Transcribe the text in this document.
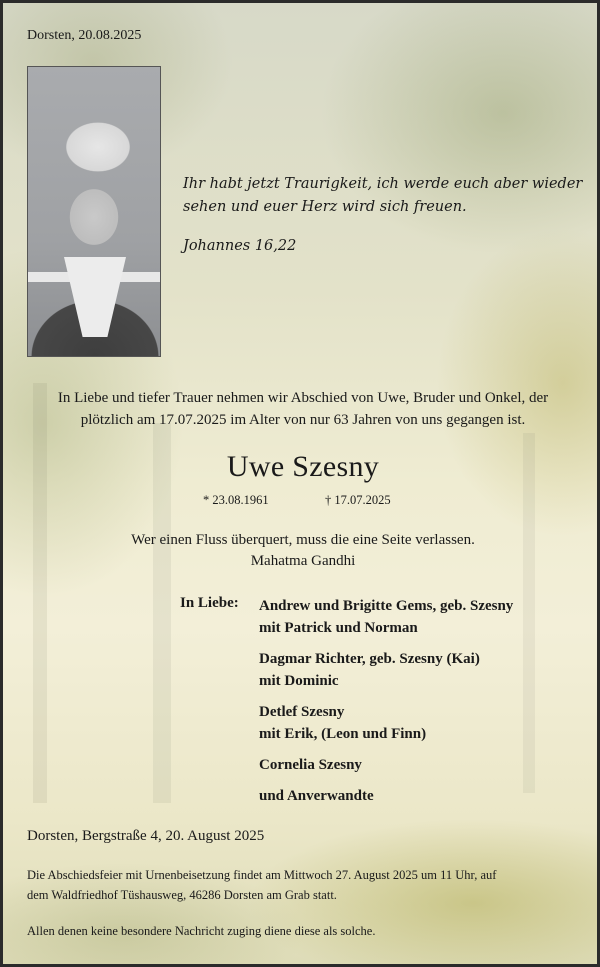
Dorsten, 20.08.2025
Ihr habt jetzt Traurigkeit, ich werde euch aber wieder
sehen und euer Herz wird sich freuen.
Johannes 16,22
In Liebe und tiefer Trauer nehmen wir Abschied von Uwe, Bruder und Onkel, der
plötzlich am 17.07.2025 im Alter von nur 63 Jahren von uns gegangen ist.
Uwe Szesny
* 23.08.1961	† 17.07.2025
Wer einen Fluss überquert, muss die eine Seite verlassen.
Mahatma Gandhi
In Liebe: Andrew und Brigitte Gems, geb. Szesny
mit Patrick und Norman
Dagmar Richter, geb. Szesny (Kai)
mit Dominic
Detlef Szesny
mit Erik, (Leon und Finn)
Cornelia Szesny
und Anverwandte
Dorsten, Bergstraße 4, 20. August 2025
Die Abschiedsfeier mit Urnenbeisetzung findet am Mittwoch 27. August 2025 um 11 Uhr, auf
dem Waldfriedhof Tüshausweg, 46286 Dorsten am Grab statt.
Allen denen keine besondere Nachricht zuging diene diese als solche.
